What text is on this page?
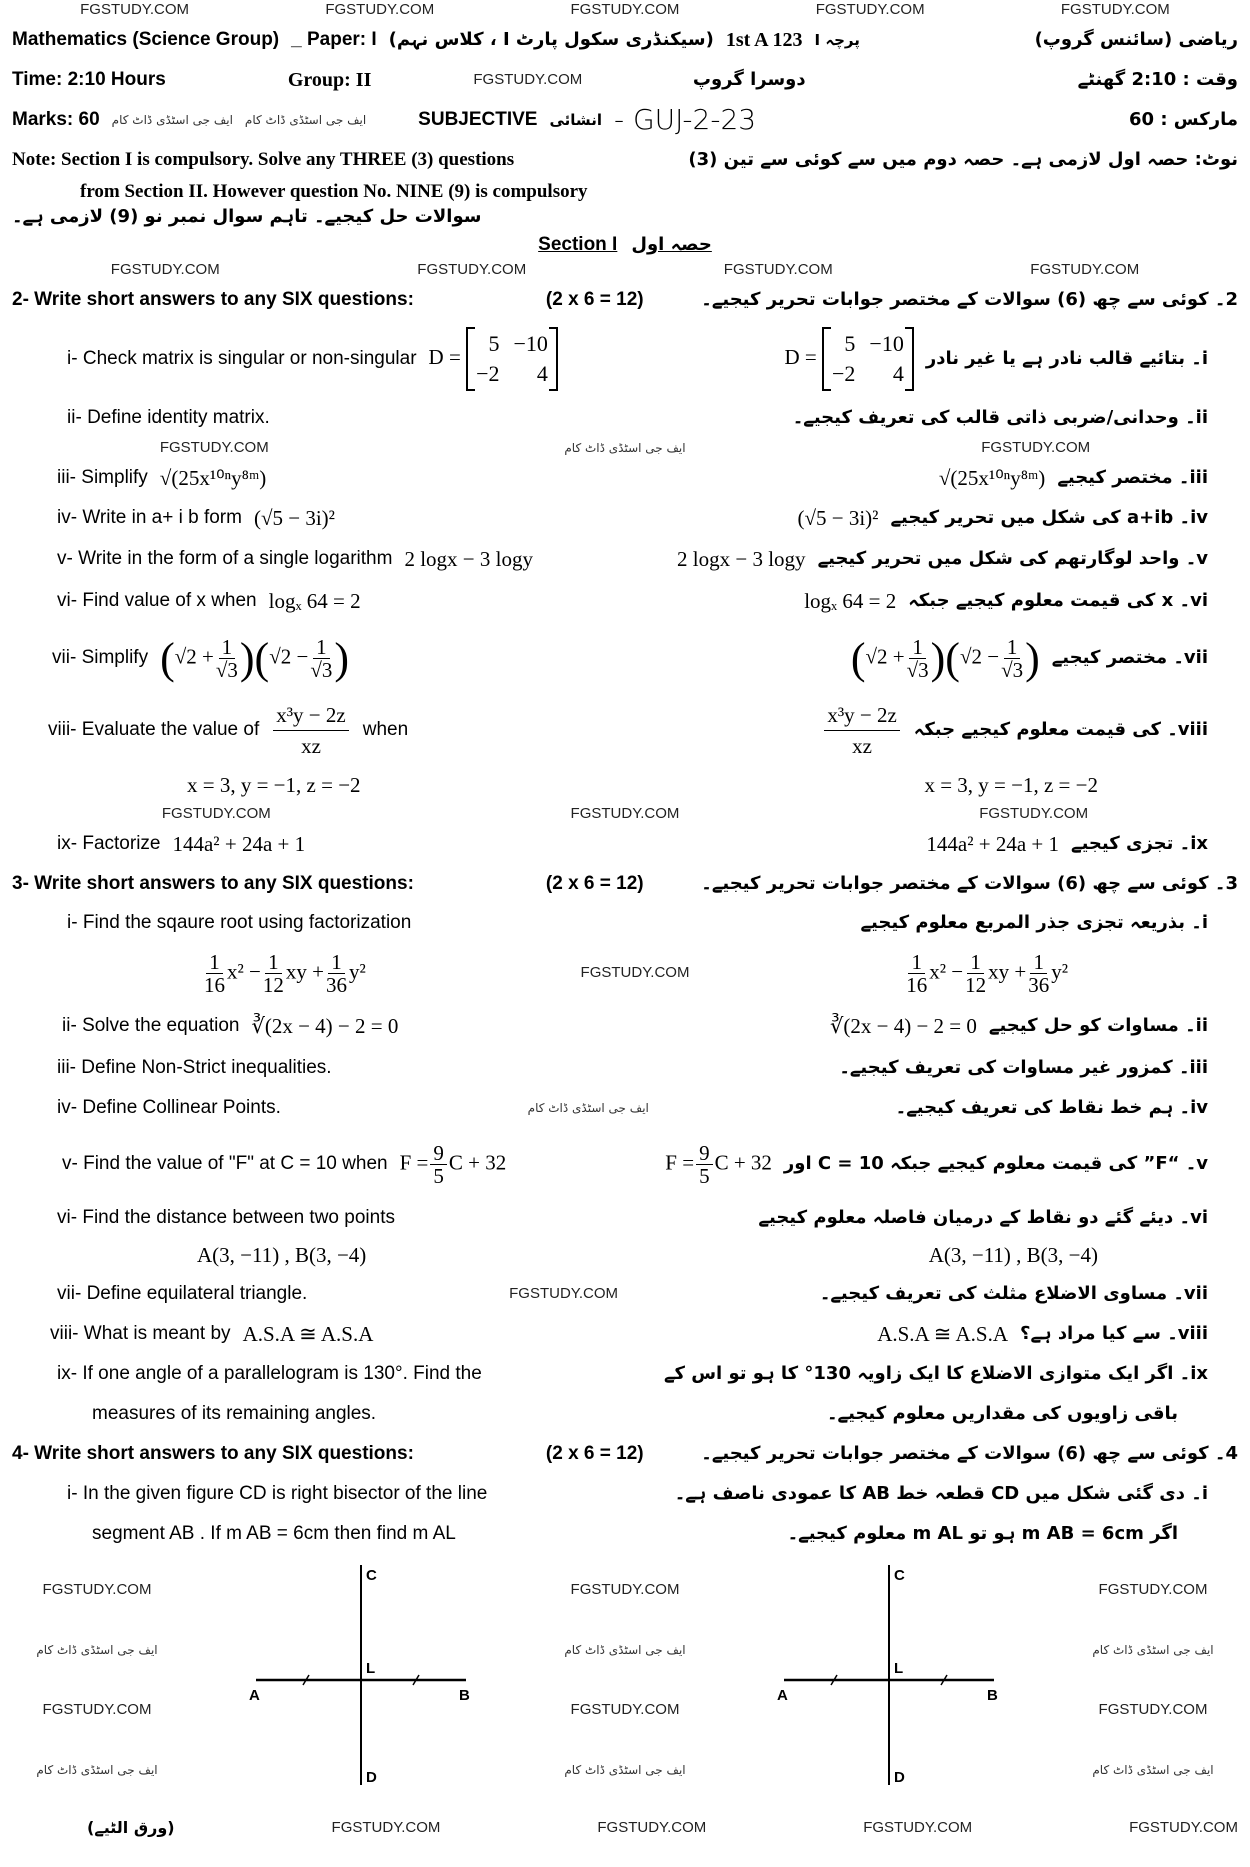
FGSTUDY.COM	FGSTUDY.COM	FGSTUDY.COM	FGSTUDY.COM	FGSTUDY.COM
Mathematics (Science Group) _ Paper: I (سیکنڈری سکول پارٹ I ، کلاس نہم) 1st A 123 پرچہ I	ریاضی (سائنس گروپ)
Time: 2:10 Hours	Group: II	FGSTUDY.COM	دوسرا گروپ	وقت : 2:10 گھنٹے
Marks: 60 ایف جی اسٹڈی ڈاٹ کام ایف جی اسٹڈی ڈاٹ کام	SUBJECTIVE انشائی - GUJ-2-23	مارکس : 60
Note: Section I is compulsory. Solve any THREE (3) questions	نوٹ: حصہ اول لازمی ہے۔ حصہ دوم میں سے کوئی سے تین (3)
from Section II. However question No. NINE (9) is compulsory
سوالات حل کیجیے۔ تاہم سوال نمبر نو (9) لازمی ہے۔
Section I حصہ اول
FGSTUDY.COM	FGSTUDY.COM	FGSTUDY.COM	FGSTUDY.COM
2- Write short answers to any SIX questions:	(2 x 6 = 12)	2۔ کوئی سے چھ (6) سوالات کے مختصر جوابات تحریر کیجیے۔
i- Check matrix is singular or non-singular D =
5 −10
−2	4
D =
5 −10
−2	4
i۔ بتائیے قالب نادر ہے یا غیر نادر
ii- Define identity matrix.	ii۔ وحدانی/ضربی ذاتی قالب کی تعریف کیجیے۔
FGSTUDY.COM	ایف جی اسٹڈی ڈاٹ کام	FGSTUDY.COM
iii- Simplify √(25x¹⁰ⁿy⁸ᵐ)	√(25x¹⁰ⁿy⁸ᵐ) iii۔ مختصر کیجیے
iv- Write in a+ i b form (√5 − 3i)²	(√5 − 3i)² iv۔ a+ib کی شکل میں تحریر کیجیے
v- Write in the form of a single logarithm 2 logx − 3 logy	2 logx − 3 logy v۔ واحد لوگارتھم کی شکل میں تحریر کیجیے
vi- Find value of x when logₓ 64 = 2	logₓ 64 = 2 vi۔ x کی قیمت معلوم کیجیے جبکہ
vii- Simplify $(√2 + \frac{1}{√3} )(√2 - \frac{1}{√3}$ )	$(√2 + \frac{1}{√3} )(√2 - \frac{1}{√3}$ ) vii۔ مختصر کیجیے
viii- Evaluate the value of $\frac{\text{x³y − 2z}}{xz}$ when	$\frac{\text{x³y − 2z}}{xz}$ viii۔ کی قیمت معلوم کیجیے جبکہ
x = 3, y = −1, z = −2	x = 3, y = −1, z = −2
FGSTUDY.COM	FGSTUDY.COM	FGSTUDY.COM
ix- Factorize 144a² + 24a + 1	144a² + 24a + 1 ix۔ تجزی کیجیے
3- Write short answers to any SIX questions:	(2 x 6 = 12)	3۔ کوئی سے چھ (6) سوالات کے مختصر جوابات تحریر کیجیے۔
i- Find the sqaure root using factorization	i۔ بذریعہ تجزی جذر المربع معلوم کیجیے
$\frac{1}{16} x^2 - \frac{1}{12}$ xy + $\frac{1}{36} y^2$	FGSTUDY.COM	$\frac{1}{16} x^2 - \frac{1}{12}$ xy + $\frac{1}{36} y^2$
ii- Solve the equation ∛(2x − 4) − 2 = 0	∛(2x − 4) − 2 = 0 ii۔ مساوات کو حل کیجیے
iii- Define Non-Strict inequalities.	iii۔ کمزور غیر مساوات کی تعریف کیجیے۔
iv- Define Collinear Points.	ایف جی اسٹڈی ڈاٹ کام	iv۔ ہم خط نقاط کی تعریف کیجیے۔
v- Find the value of "F" at C = 10 when $F = \frac{9}{5}$ C + 32	$F = \frac{9}{5}$ C + 32 v۔ “F” کی قیمت معلوم کیجیے جبکہ C = 10 اور
vi- Find the distance between two points	vi۔ دیئے گئے دو نقاط کے درمیان فاصلہ معلوم کیجیے
A(3, −11) , B(3, −4)	A(3, −11) , B(3, −4)
vii- Define equilateral triangle.	FGSTUDY.COM	vii۔ مساوی الاضلاع مثلث کی تعریف کیجیے۔
viii- What is meant by A.S.A ≅ A.S.A	A.S.A ≅ A.S.A viii۔ سے کیا مراد ہے؟
ix- If one angle of a parallelogram is 130°. Find the	ix۔ اگر ایک متوازی الاضلاع کا ایک زاویہ 130° کا ہو تو اس کے
measures of its remaining angles.	باقی زاویوں کی مقداریں معلوم کیجیے۔
4- Write short answers to any SIX questions:	(2 x 6 = 12)	4۔ کوئی سے چھ (6) سوالات کے مختصر جوابات تحریر کیجیے۔
i- In the given figure CD is right bisector of the line	i۔ دی گئی شکل میں CD قطعہ خط AB کا عمودی ناصف ہے۔
segment AB . If m AB = 6cm then find m AL	اگر m AB = 6cm ہو تو m AL معلوم کیجیے۔
FGSTUDY.COM
ایف جی اسٹڈی ڈاٹ کام
FGSTUDY.COM
ایف جی اسٹڈی ڈاٹ کام
C
D
L
A	B
FGSTUDY.COM
ایف جی اسٹڈی ڈاٹ کام
FGSTUDY.COM
ایف جی اسٹڈی ڈاٹ کام
C
D
L
A	B
FGSTUDY.COM
ایف جی اسٹڈی ڈاٹ کام
FGSTUDY.COM
ایف جی اسٹڈی ڈاٹ کام
(ورق الٹیے)	FGSTUDY.COM	FGSTUDY.COM	FGSTUDY.COM	FGSTUDY.COM
